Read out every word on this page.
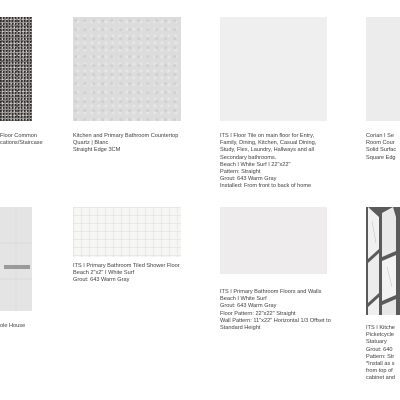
Floor Common
cations/Staircase
Kitchen and Primary Bathroom Countertop
Quartz | Blanc
Straight Edge 3CM
ITS I Floor Tile on main floor for Entry,
Family, Dining, Kitchen, Casual Dining,
Study, Flex, Laundry, Hallways and all
Secondary bathrooms.
Beach I White Surf I 22"x22"
Pattern: Straight
Grout: 643 Warm Gray
Installed: From front to back of home
Corian I Se
Room Cour
Solid Surfac
Square Edg
ole House
ITS I Primary Bathroom Tiled Shower Floor
Beach 2"x2" I White Surf
Grout: 643 Warm Gray
ITS I Primary Bathroom Floors and Walls
Beach I White Surf
Grout: 643 Warm Gray
Floor Pattern: 22"x22" Straight
Wall Pattern: 11"x22" Horizontal 1/3 Offset to
Standard Height	ITS I Kitche
Picketcycle
Statuary
Grout: 640
Pattern: Str
*Install as s
from top of
cabinet and
